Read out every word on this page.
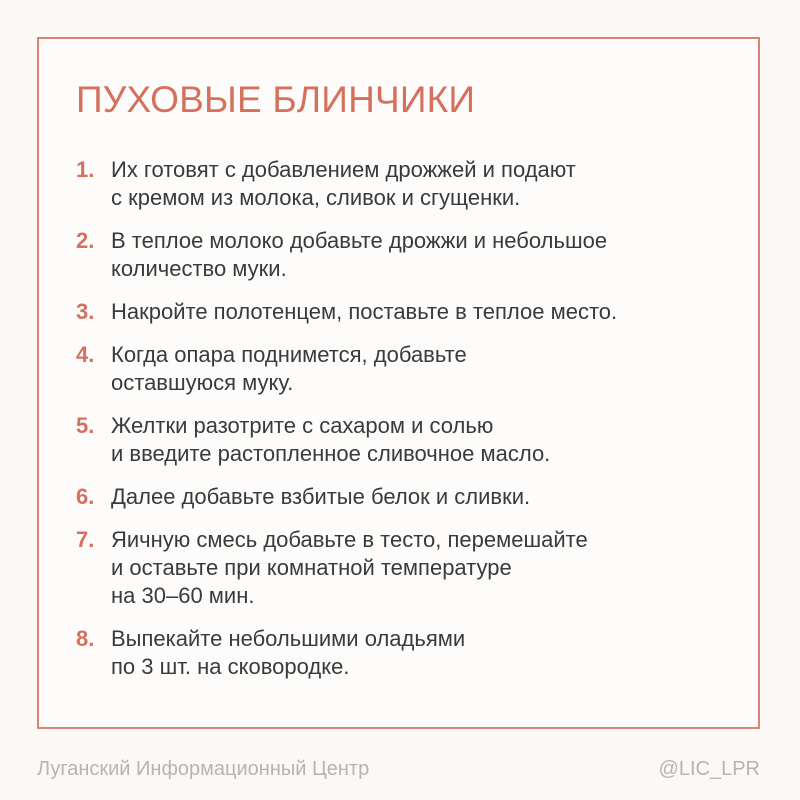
ПУХОВЫЕ БЛИНЧИКИ
1. Их готовят с добавлением дрожжей и подают
с кремом из молока, сливок и сгущенки.
2. В теплое молоко добавьте дрожжи и небольшое
количество муки.
3. Накройте полотенцем, поставьте в теплое место.
4. Когда опара поднимется, добавьте
оставшуюся муку.
5. Желтки разотрите с сахаром и солью
и введите растопленное сливочное масло.
6. Далее добавьте взбитые белок и сливки.
7. Яичную смесь добавьте в тесто, перемешайте
и оставьте при комнатной температуре
на 30–60 мин.
8. Выпекайте небольшими оладьями
по 3 шт. на сковородке.
Луганский Информационный Центр	@LIC_LPR
